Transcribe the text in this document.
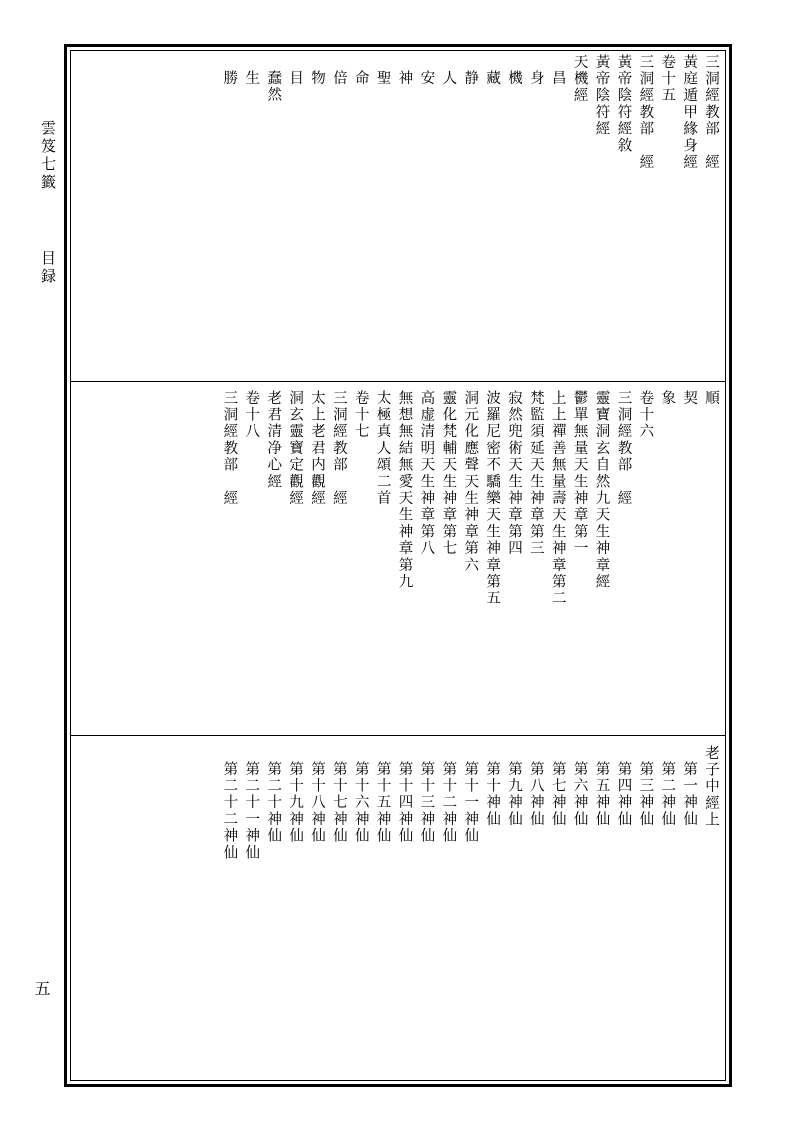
雲笈七籤  目録
五
三洞經教部　經
黃庭遁甲緣身經
卷十五
三洞經教部　經
黃帝陰符經敘
黃帝陰符經
天機經
昌
身
機
藏
静
人
安
神
聖
命
倍
物
目
蠢然
生
勝
順
契
象
卷十六
三洞經教部　經
靈寶洞玄自然九天生神章經
鬱單無量天生神章第一
上上禪善無量壽天生神章第二
梵監須延天生神章第三
寂然兜術天生神章第四
波羅尼密不驕樂天生神章第五
洞元化應聲天生神章第六
靈化梵輔天生神章第七
高虚清明天生神章第八
無想無結無愛天生神章第九
太極真人頌二首
卷十七
三洞經教部　經
太上老君内觀經
洞玄靈寶定觀經
老君清净心經
卷十八
三洞經教部　經
老子中經上
第一神仙
第二神仙
第三神仙
第四神仙
第五神仙
第六神仙
第七神仙
第八神仙
第九神仙
第十神仙
第十一神仙
第十二神仙
第十三神仙
第十四神仙
第十五神仙
第十六神仙
第十七神仙
第十八神仙
第十九神仙
第二十神仙
第二十一神仙
第二十二神仙
